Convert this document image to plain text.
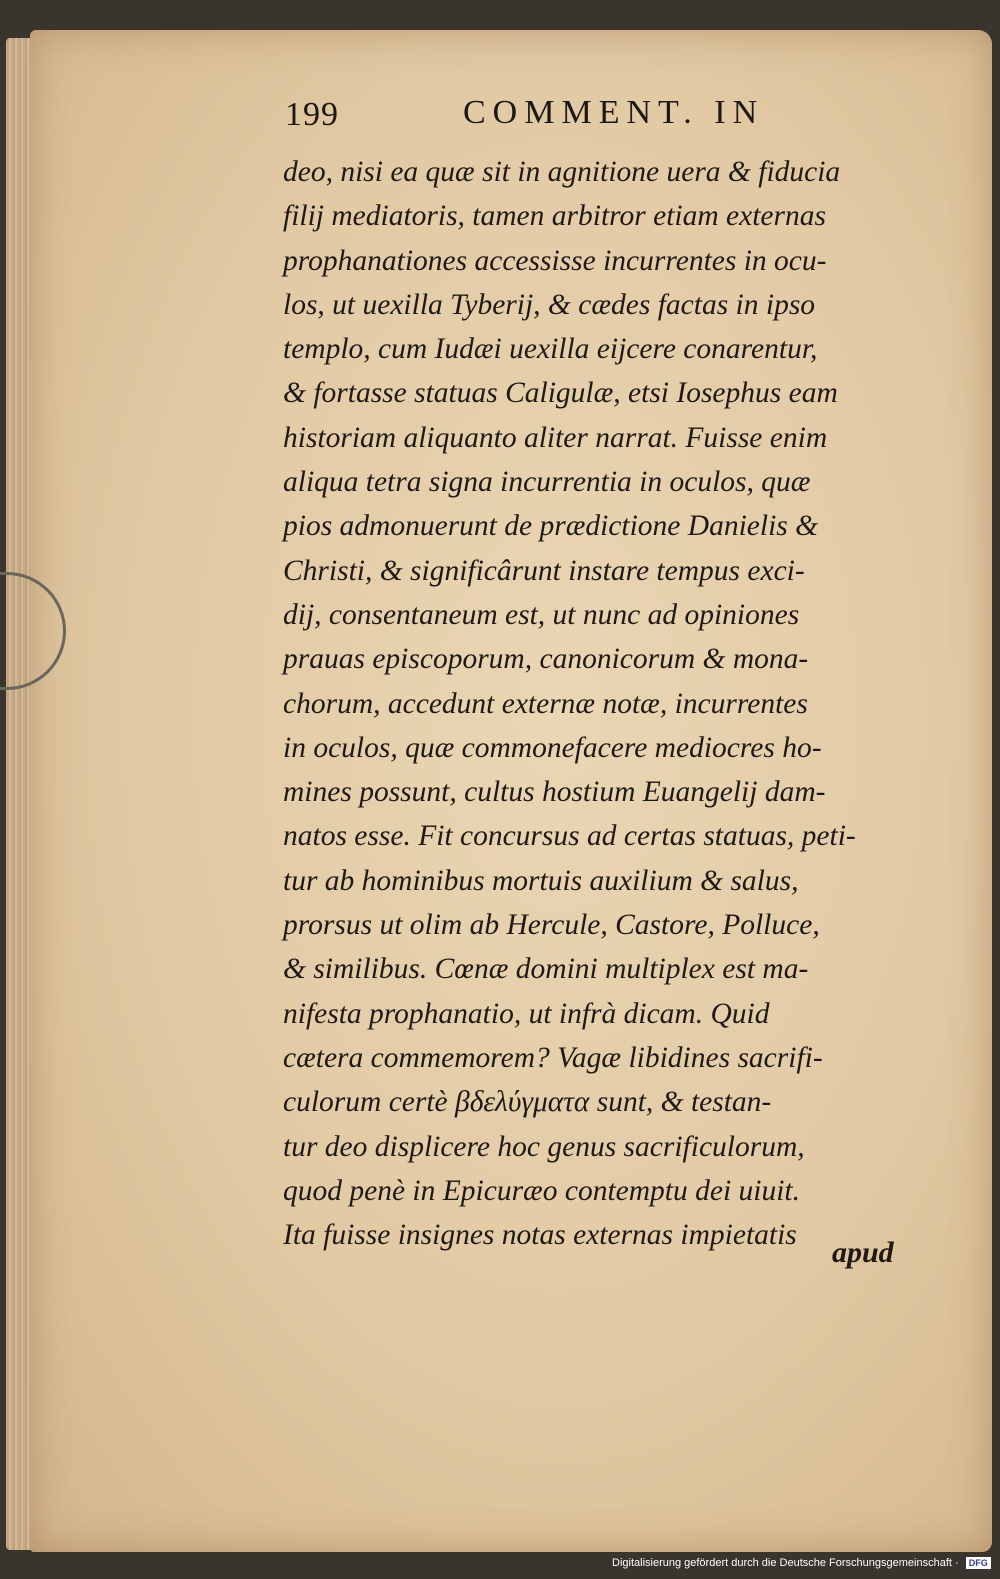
199	COMMENT. IN
deo, nisi ea quæ sit in agnitione uera & fiducia
filij mediatoris, tamen arbitror etiam externas
prophanationes accessisse incurrentes in ocu-
los, ut uexilla Tyberij, & cædes factas in ipso
templo, cum Iudæi uexilla eijcere conarentur,
& fortasse statuas Caligulæ, etsi Iosephus eam
historiam aliquanto aliter narrat. Fuisse enim
aliqua tetra signa incurrentia in oculos, quæ
pios admonuerunt de prædictione Danielis &
Christi, & significârunt instare tempus exci-
dij, consentaneum est, ut nunc ad opiniones
prauas episcoporum, canonicorum & mona-
chorum, accedunt externæ notæ, incurrentes
in oculos, quæ commonefacere mediocres ho-
mines possunt, cultus hostium Euangelij dam-
natos esse. Fit concursus ad certas statuas, peti-
tur ab hominibus mortuis auxilium & salus,
prorsus ut olim ab Hercule, Castore, Polluce,
& similibus. Cœnæ domini multiplex est ma-
nifesta prophanatio, ut infrà dicam. Quid
cætera commemorem? Vagæ libidines sacrifi-
culorum certè βδελύγματα sunt, & testan-
tur deo displicere hoc genus sacrificulorum,
quod penè in Epicuræo contemptu dei uiuit.
Ita fuisse insignes notas externas impietatis
apud
Digitalisierung gefördert durch die Deutsche Forschungsgemeinschaft · DFG
